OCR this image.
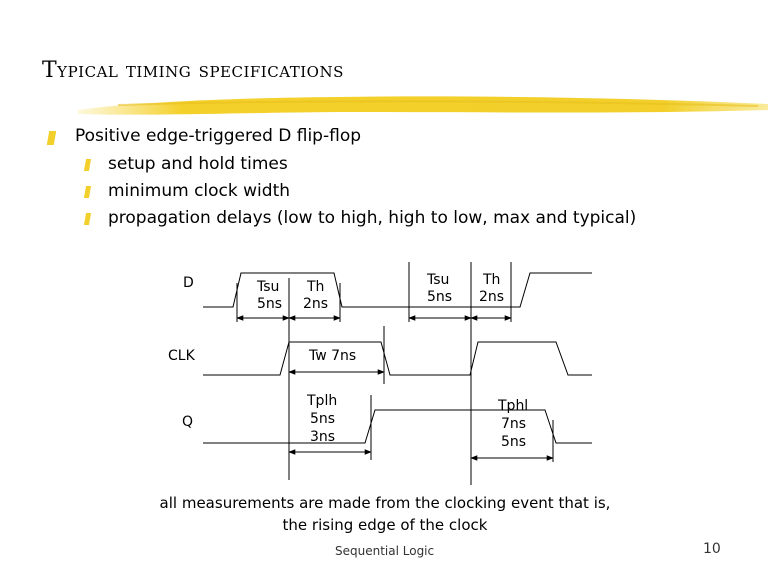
Typical timing specifications
Positive edge-triggered D flip-flop
setup and hold times
minimum clock width
propagation delays (low to high, high to low, max and typical)
D
CLK
Q
Tsu
5ns
Th
2ns
Tsu
5ns
Th
2ns
Tw 7ns
Tplh
5ns
3ns
Tphl
7ns
5ns
all measurements are made from the clocking event that is,
the rising edge of the clock
Sequential Logic	10
